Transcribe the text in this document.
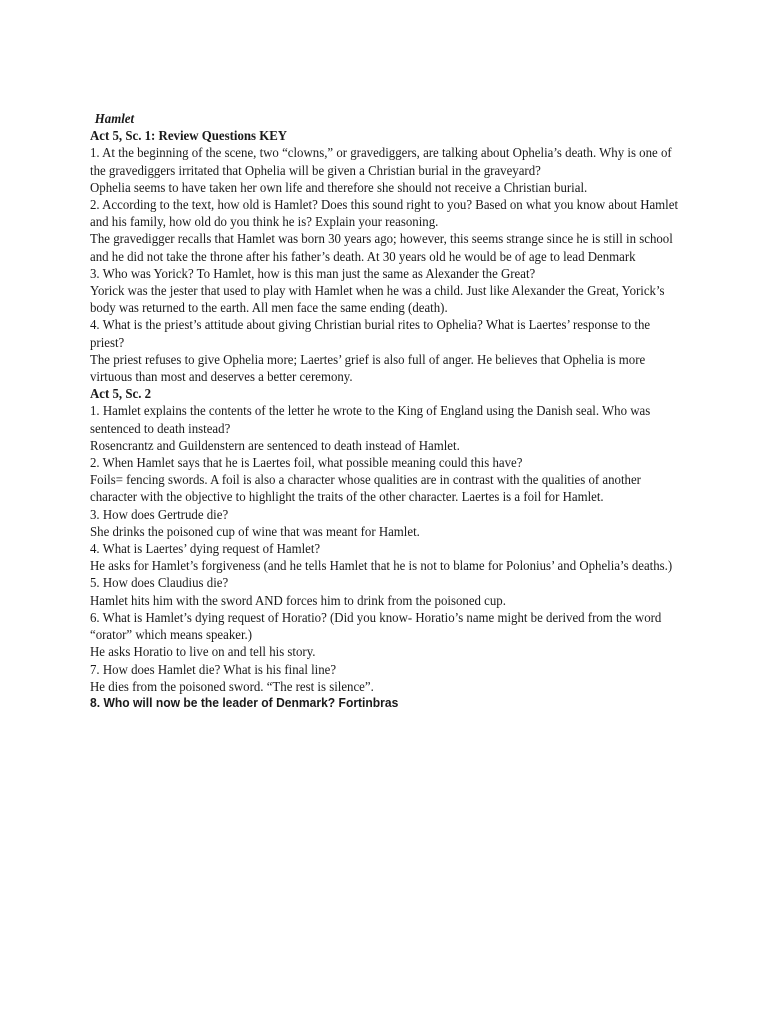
Hamlet
Act 5, Sc. 1: Review Questions KEY
1. At the beginning of the scene, two “clowns,” or gravediggers, are talking about Ophelia’s death. Why is one of the gravediggers irritated that Ophelia will be given a Christian burial in the graveyard?
Ophelia seems to have taken her own life and therefore she should not receive a Christian burial.
2. According to the text, how old is Hamlet? Does this sound right to you? Based on what you know about Hamlet and his family, how old do you think he is? Explain your reasoning.
The gravedigger recalls that Hamlet was born 30 years ago; however, this seems strange since he is still in school and he did not take the throne after his father’s death. At 30 years old he would be of age to lead Denmark
3. Who was Yorick? To Hamlet, how is this man just the same as Alexander the Great?
Yorick was the jester that used to play with Hamlet when he was a child. Just like Alexander the Great, Yorick’s body was returned to the earth. All men face the same ending (death).
4. What is the priest’s attitude about giving Christian burial rites to Ophelia? What is Laertes’ response to the priest?
The priest refuses to give Ophelia more; Laertes’ grief is also full of anger. He believes that Ophelia is more virtuous than most and deserves a better ceremony.
Act 5, Sc. 2
1. Hamlet explains the contents of the letter he wrote to the King of England using the Danish seal. Who was sentenced to death instead?
Rosencrantz and Guildenstern are sentenced to death instead of Hamlet.
2. When Hamlet says that he is Laertes foil, what possible meaning could this have?
Foils= fencing swords. A foil is also a character whose qualities are in contrast with the qualities of another character with the objective to highlight the traits of the other character. Laertes is a foil for Hamlet.
3. How does Gertrude die?
She drinks the poisoned cup of wine that was meant for Hamlet.
4. What is Laertes’ dying request of Hamlet?
He asks for Hamlet’s forgiveness (and he tells Hamlet that he is not to blame for Polonius’ and Ophelia’s deaths.)
5. How does Claudius die?
Hamlet hits him with the sword AND forces him to drink from the poisoned cup.
6. What is Hamlet’s dying request of Horatio? (Did you know- Horatio’s name might be derived from the word “orator” which means speaker.)
He asks Horatio to live on and tell his story.
7. How does Hamlet die? What is his final line?
He dies from the poisoned sword. “The rest is silence”.
8. Who will now be the leader of Denmark? Fortinbras
